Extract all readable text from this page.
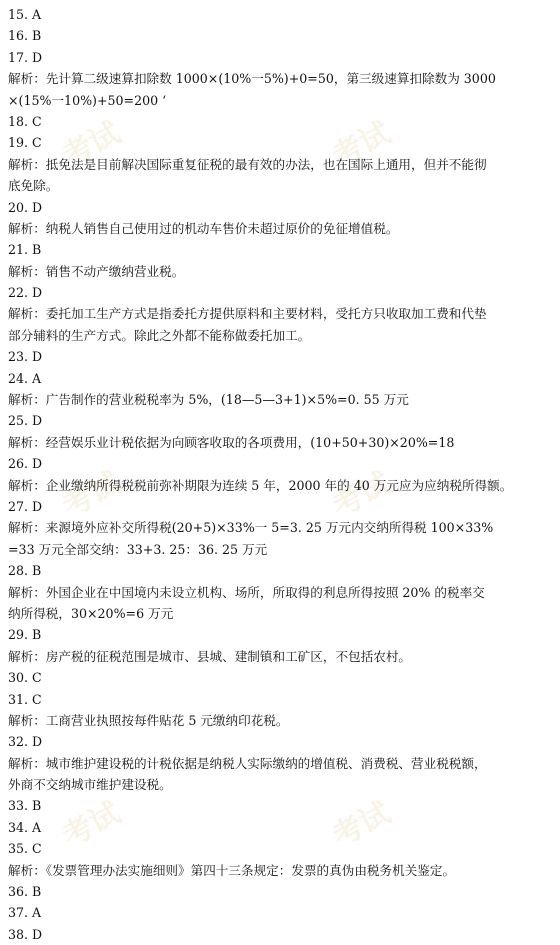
考试	考试
考试	考试
考试	考试
15. A
16. B
17. D
解析：先计算二级速算扣除数 1000×(10%一5%)+0=50，第三级速算扣除数为 3000
×(15%一10%)+50=200 ‘
18. C
19. C
解析：抵免法是目前解决国际重复征税的最有效的办法，也在国际上通用，但并不能彻
底免除。
20. D
解析：纳税人销售自己使用过的机动车售价未超过原价的免征增值税。
21. B
解析：销售不动产缴纳营业税。
22. D
解析：委托加工生产方式是指委托方提供原料和主要材料，受托方只收取加工费和代垫
部分辅料的生产方式。除此之外都不能称做委托加工。
23. D
24. A
解析：广告制作的营业税税率为 5%，(18—5—3+1)×5%=0. 55 万元
25. D
解析：经营娱乐业计税依据为向顾客收取的各项费用，(10+50+30)×20%=18
26. D
解析：企业缴纳所得税税前弥补期限为连续 5 年，2000 年的 40 万元应为应纳税所得额。
27. D
解析：来源境外应补交所得税(20+5)×33%一 5=3. 25 万元内交纳所得税 100×33%
=33 万元全部交纳：33+3. 25：36. 25 万元
28. B
解析：外国企业在中国境内未设立机构、场所，所取得的利息所得按照 20% 的税率交
纳所得税，30×20%=6 万元
29. B
解析：房产税的征税范围是城市、县城、建制镇和工矿区，不包括农村。
30. C
31. C
解析：工商营业执照按每件贴花 5 元缴纳印花税。
32. D
解析：城市维护建设税的计税依据是纳税人实际缴纳的增值税、消费税、营业税税额，
外商不交纳城市维护建设税。
33. B
34. A
35. C
解析：《发票管理办法实施细则》第四十三条规定：发票的真伪由税务机关鉴定。
36. B
37. A
38. D
